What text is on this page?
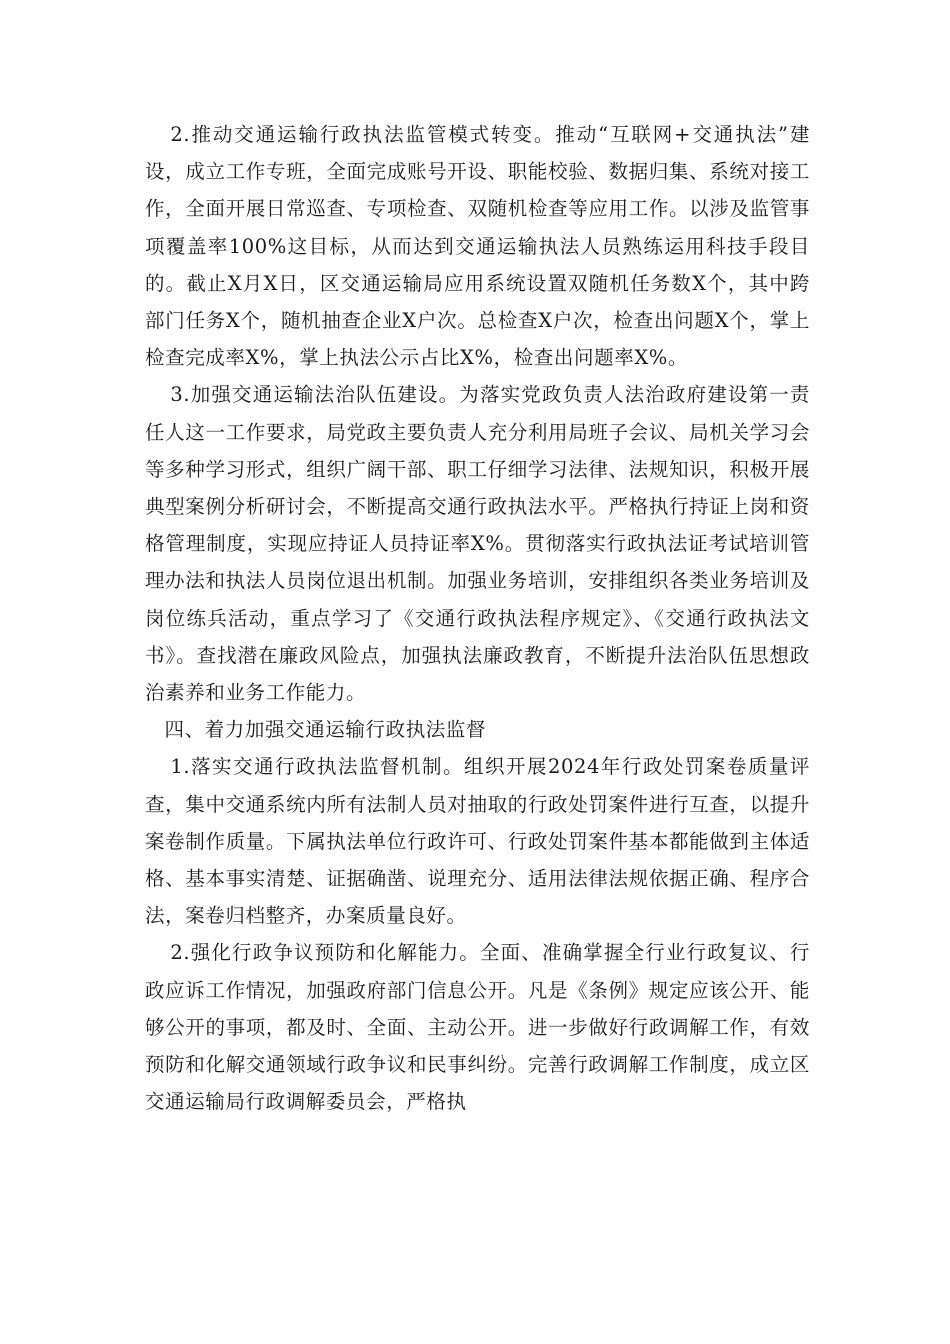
2.推动交通运输行政执法监管模式转变。推动“互联网+交通执法”建设，成立工作专班，全面完成账号开设、职能校验、数据归集、系统对接工作，全面开展日常巡查、专项检查、双随机检查等应用工作。以涉及监管事项覆盖率100%这目标，从而达到交通运输执法人员熟练运用科技手段目的。截止X月X日，区交通运输局应用系统设置双随机任务数X个，其中跨部门任务X个，随机抽查企业X户次。总检查X户次，检查出问题X个，掌上检查完成率X%，掌上执法公示占比X%，检查出问题率X%。

3.加强交通运输法治队伍建设。为落实党政负责人法治政府建设第一责任人这一工作要求，局党政主要负责人充分利用局班子会议、局机关学习会等多种学习形式，组织广阔干部、职工仔细学习法律、法规知识，积极开展典型案例分析研讨会，不断提高交通行政执法水平。严格执行持证上岗和资格管理制度，实现应持证人员持证率X%。贯彻落实行政执法证考试培训管理办法和执法人员岗位退出机制。加强业务培训，安排组织各类业务培训及岗位练兵活动，重点学习了《交通行政执法程序规定》、《交通行政执法文书》。查找潜在廉政风险点，加强执法廉政教育，不断提升法治队伍思想政治素养和业务工作能力。

四、着力加强交通运输行政执法监督

1.落实交通行政执法监督机制。组织开展2024年行政处罚案卷质量评查，集中交通系统内所有法制人员对抽取的行政处罚案件进行互查，以提升案卷制作质量。下属执法单位行政许可、行政处罚案件基本都能做到主体适格、基本事实清楚、证据确凿、说理充分、适用法律法规依据正确、程序合法，案卷归档整齐，办案质量良好。

2.强化行政争议预防和化解能力。全面、准确掌握全行业行政复议、行政应诉工作情况，加强政府部门信息公开。凡是《条例》规定应该公开、能够公开的事项，都及时、全面、主动公开。进一步做好行政调解工作，有效预防和化解交通领域行政争议和民事纠纷。完善行政调解工作制度，成立区交通运输局行政调解委员会，严格执
